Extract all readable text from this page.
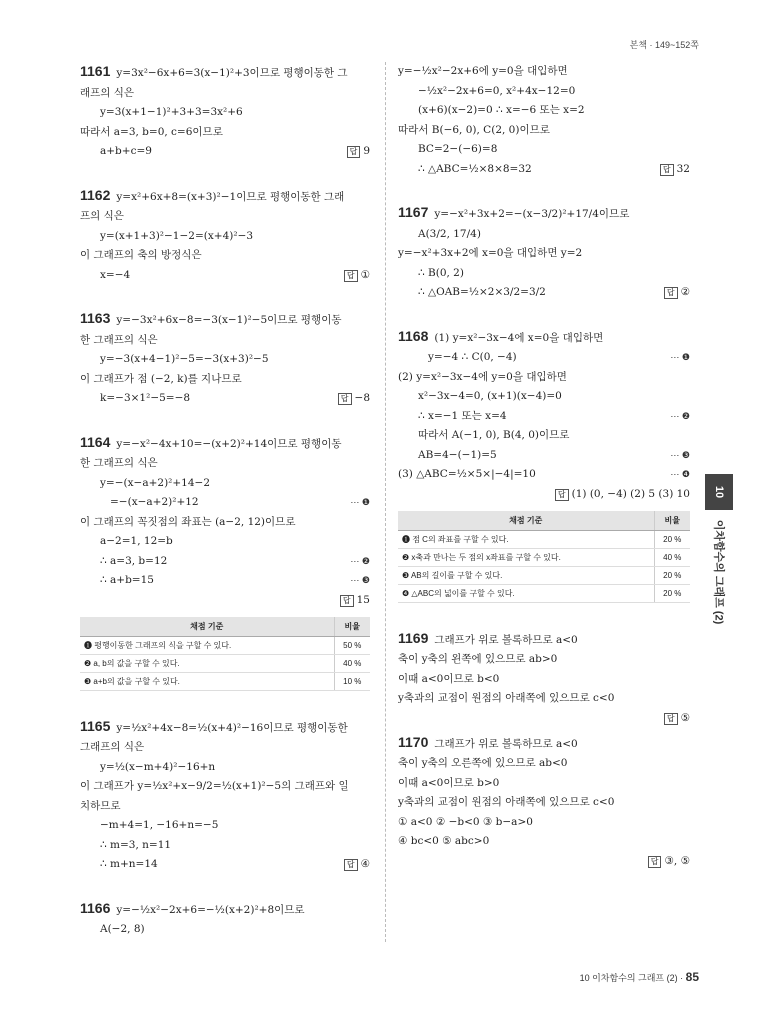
본책 · 149~152쪽
1161 y=3x²−6x+6=3(x−1)²+3이므로 평행이동한 그
래프의 식은
y=3(x+1−1)²+3+3=3x²+6
따라서 a=3, b=0, c=6이므로
a+b+c=9	답 9
1162 y=x²+6x+8=(x+3)²−1이므로 평행이동한 그래
프의 식은
y=(x+1+3)²−1−2=(x+4)²−3
이 그래프의 축의 방정식은
x=−4	답 ①
1163 y=−3x²+6x−8=−3(x−1)²−5이므로 평행이동
한 그래프의 식은
y=−3(x+4−1)²−5=−3(x+3)²−5
이 그래프가 점 (−2, k)를 지나므로
k=−3×1²−5=−8	답 −8
1164 y=−x²−4x+10=−(x+2)²+14이므로 평행이동
한 그래프의 식은
y=−(x−a+2)²+14−2
=−(x−a+2)²+12	⋯ ❶
이 그래프의 꼭짓점의 좌표는 (a−2, 12)이므로
a−2=1, 12=b
∴ a=3, b=12	⋯ ❷
∴ a+b=15	⋯ ❸
답 15
채점 기준	비율
❶ 평행이동한 그래프의 식을 구할 수 있다.	50 %
❷ a, b의 값을 구할 수 있다.	40 %
❸ a+b의 값을 구할 수 있다.	10 %
1165 y=½x²+4x−8=½(x+4)²−16이므로 평행이동한
그래프의 식은
y=½(x−m+4)²−16+n
이 그래프가 y=½x²+x−9/2=½(x+1)²−5의 그래프와 일
치하므로
−m+4=1, −16+n=−5
∴ m=3, n=11
∴ m+n=14	답 ④
1166 y=−½x²−2x+6=−½(x+2)²+8이므로
A(−2, 8)
y=−½x²−2x+6에 y=0을 대입하면
−½x²−2x+6=0, x²+4x−12=0
(x+6)(x−2)=0 ∴ x=−6 또는 x=2
따라서 B(−6, 0), C(2, 0)이므로
BC=2−(−6)=8
∴ △ABC=½×8×8=32	답 32
1167 y=−x²+3x+2=−(x−3/2)²+17/4이므로
A(3/2, 17/4)
y=−x²+3x+2에 x=0을 대입하면 y=2
∴ B(0, 2)
∴ △OAB=½×2×3/2=3/2	답 ②
1168 (1) y=x²−3x−4에 x=0을 대입하면
y=−4 ∴ C(0, −4)	⋯ ❶
(2) y=x²−3x−4에 y=0을 대입하면
x²−3x−4=0, (x+1)(x−4)=0
∴ x=−1 또는 x=4	⋯ ❷
따라서 A(−1, 0), B(4, 0)이므로
AB=4−(−1)=5	⋯ ❸
(3) △ABC=½×5×|−4|=10	⋯ ❹
답 (1) (0, −4) (2) 5 (3) 10
채점 기준	비율
❶ 점 C의 좌표를 구할 수 있다.	20 %
❷ x축과 만나는 두 점의 x좌표를 구할 수 있다.	40 %
❸ AB의 길이를 구할 수 있다.	20 %
❹ △ABC의 넓이를 구할 수 있다.	20 %
1169 그래프가 위로 볼록하므로 a<0
축이 y축의 왼쪽에 있으므로 ab>0
이때 a<0이므로 b<0
y축과의 교점이 원점의 아래쪽에 있으므로 c<0
답 ⑤
1170 그래프가 위로 볼록하므로 a<0
축이 y축의 오른쪽에 있으므로 ab<0
이때 a<0이므로 b>0
y축과의 교점이 원점의 아래쪽에 있으므로 c<0
① a<0 ② −b<0 ③ b−a>0
④ bc<0 ⑤ abc>0
답 ③, ⑤
10
이차함수의 그래프 (2)
10 이차함수의 그래프 (2) · 85
